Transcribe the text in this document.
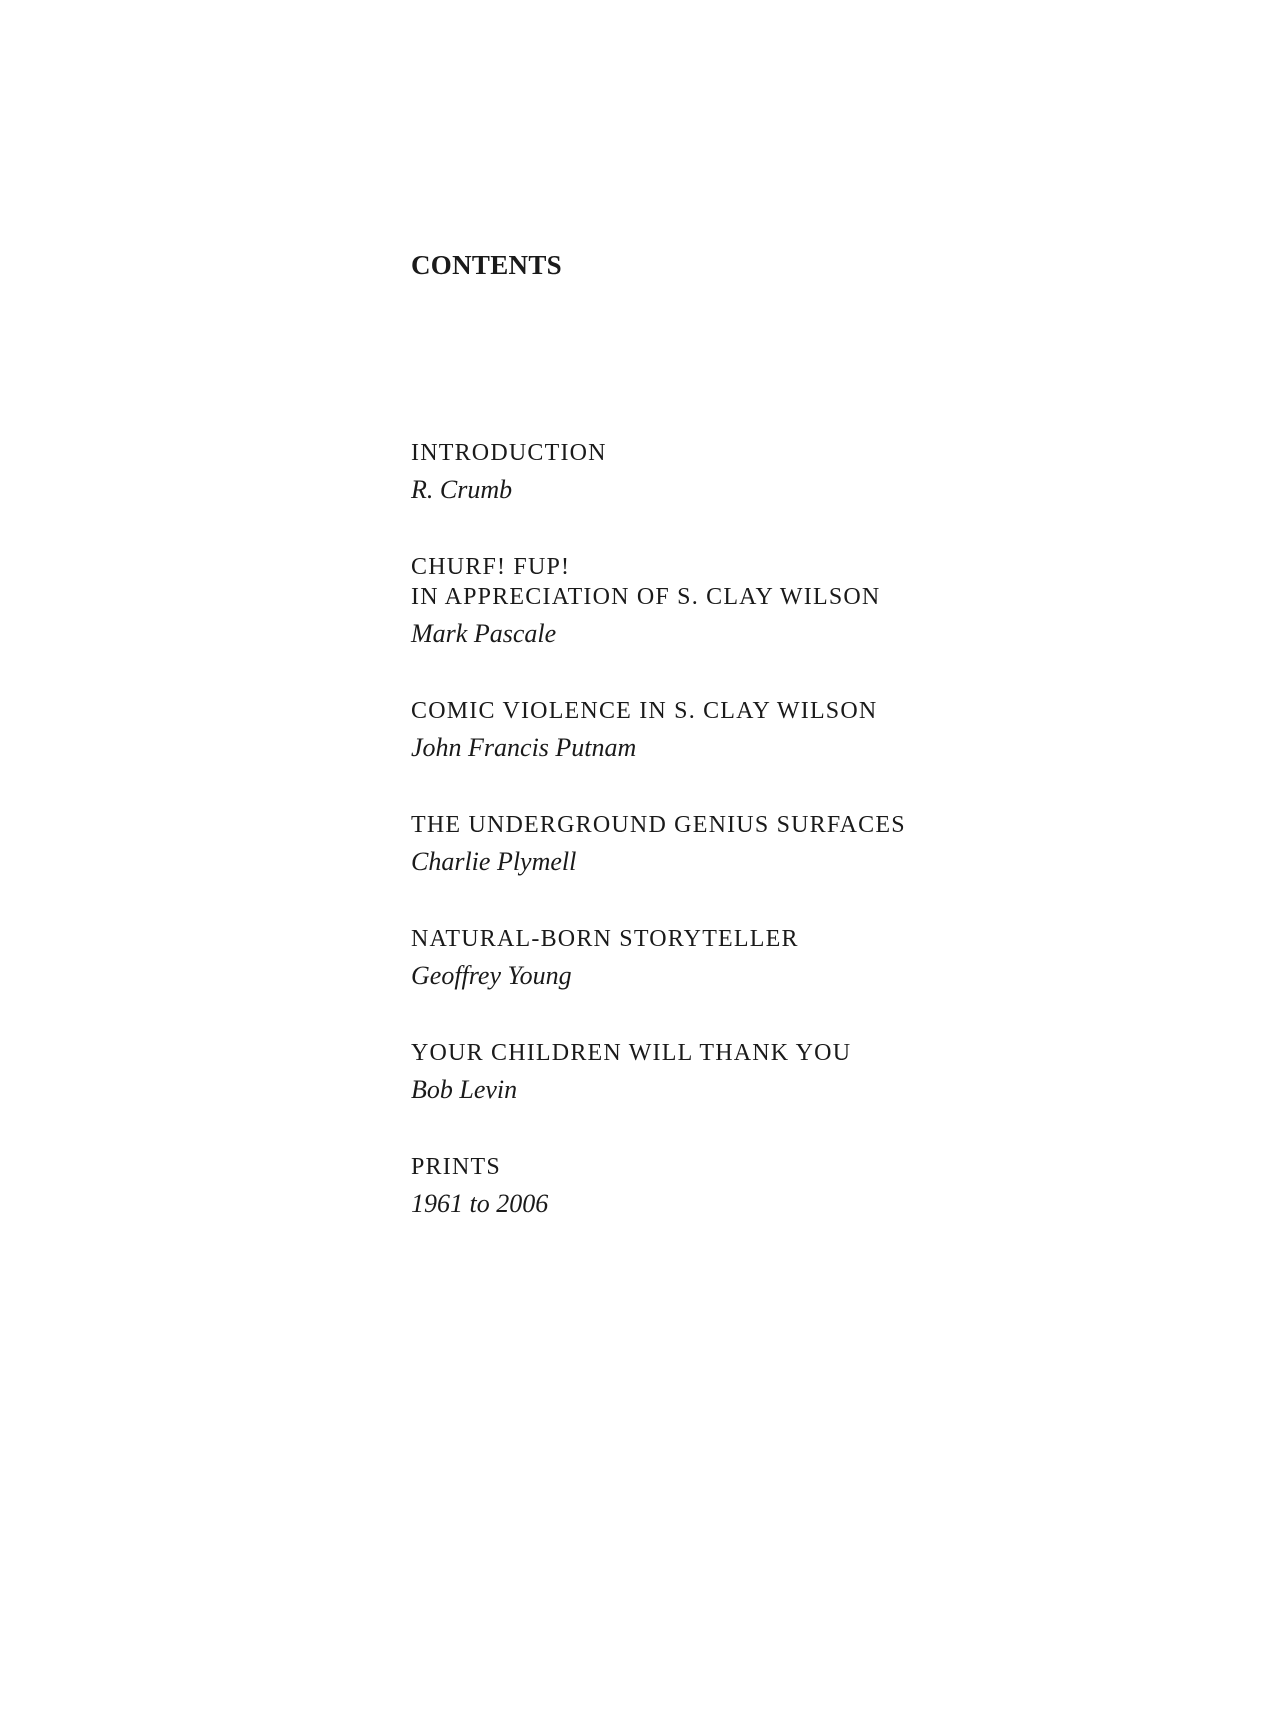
CONTENTS
INTRODUCTION
R. Crumb
CHURF! FUP!
IN APPRECIATION OF S. CLAY WILSON
Mark Pascale
COMIC VIOLENCE IN S. CLAY WILSON
John Francis Putnam
THE UNDERGROUND GENIUS SURFACES
Charlie Plymell
NATURAL-BORN STORYTELLER
Geoffrey Young
YOUR CHILDREN WILL THANK YOU
Bob Levin
PRINTS
1961 to 2006
